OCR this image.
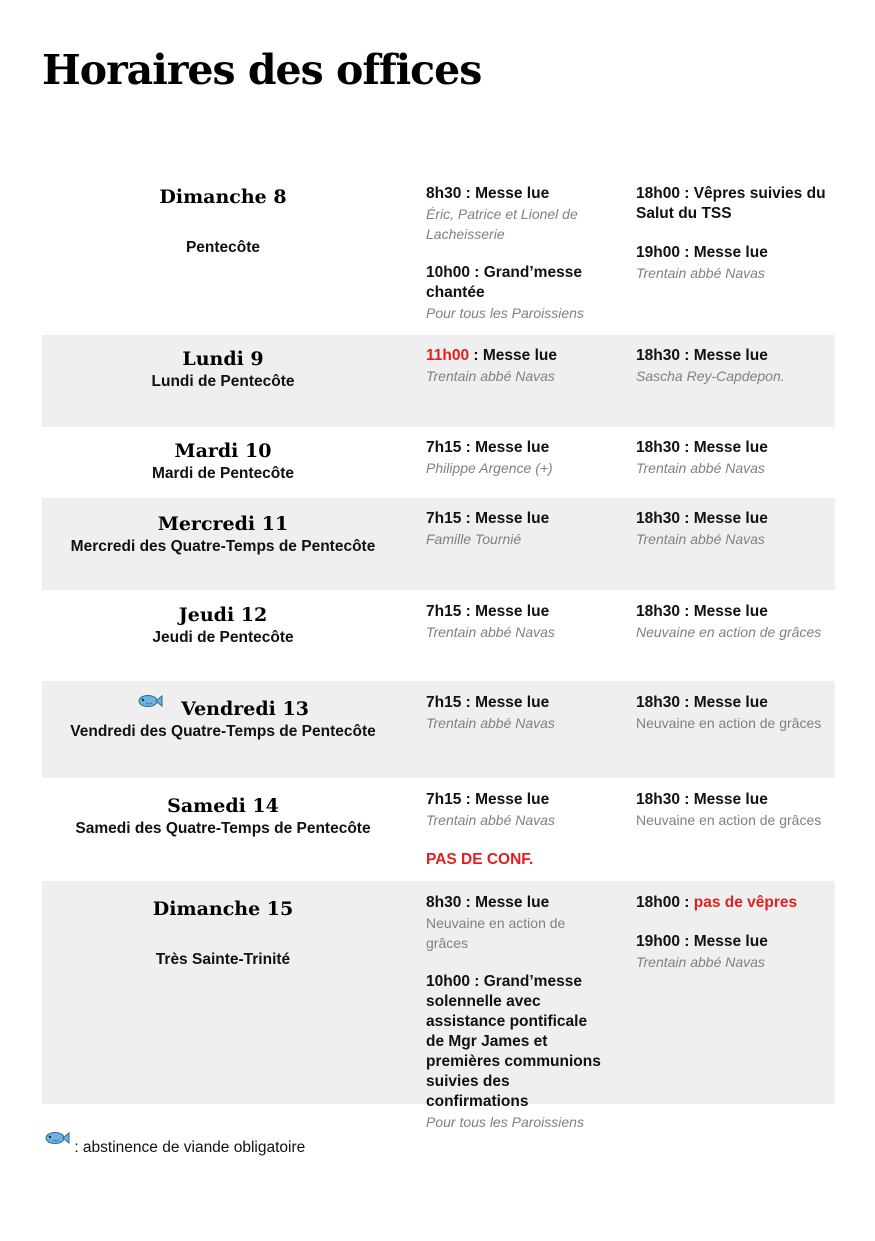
Horaires des offices
Dimanche 8
Pentecôte
8h30 : Messe lue
Éric, Patrice et Lionel de Lacheisserie
10h00 : Grand’messe chantée
Pour tous les Paroissiens
18h00 : Vêpres suivies du Salut du TSS
19h00 : Messe lue
Trentain abbé Navas
Lundi 9
Lundi de Pentecôte
11h00 : Messe lue
Trentain abbé Navas
18h30 : Messe lue
Sascha Rey-Capdepon.
Mardi 10
Mardi de Pentecôte
7h15 : Messe lue
Philippe Argence (+)
18h30 : Messe lue
Trentain abbé Navas
Mercredi 11
Mercredi des Quatre-Temps de Pentecôte
7h15 : Messe lue
Famille Tournié
18h30 : Messe lue
Trentain abbé Navas
Jeudi 12
Jeudi de Pentecôte
7h15 : Messe lue
Trentain abbé Navas
18h30 : Messe lue
Neuvaine en action de grâces
Vendredi 13
Vendredi des Quatre-Temps de Pentecôte
7h15 : Messe lue
Trentain abbé Navas
18h30 : Messe lue
Neuvaine en action de grâces
Samedi 14
Samedi des Quatre-Temps de Pentecôte
7h15 : Messe lue
Trentain abbé Navas
PAS DE CONF.
18h30 : Messe lue
Neuvaine en action de grâces
Dimanche 15
Très Sainte-Trinité
8h30 : Messe lue
Neuvaine en action de grâces
10h00 : Grand’messe solennelle avec assistance pontificale de Mgr James et premières communions suivies des confirmations
Pour tous les Paroissiens
18h00 : pas de vêpres
19h00 : Messe lue
Trentain abbé Navas
: abstinence de viande obligatoire
